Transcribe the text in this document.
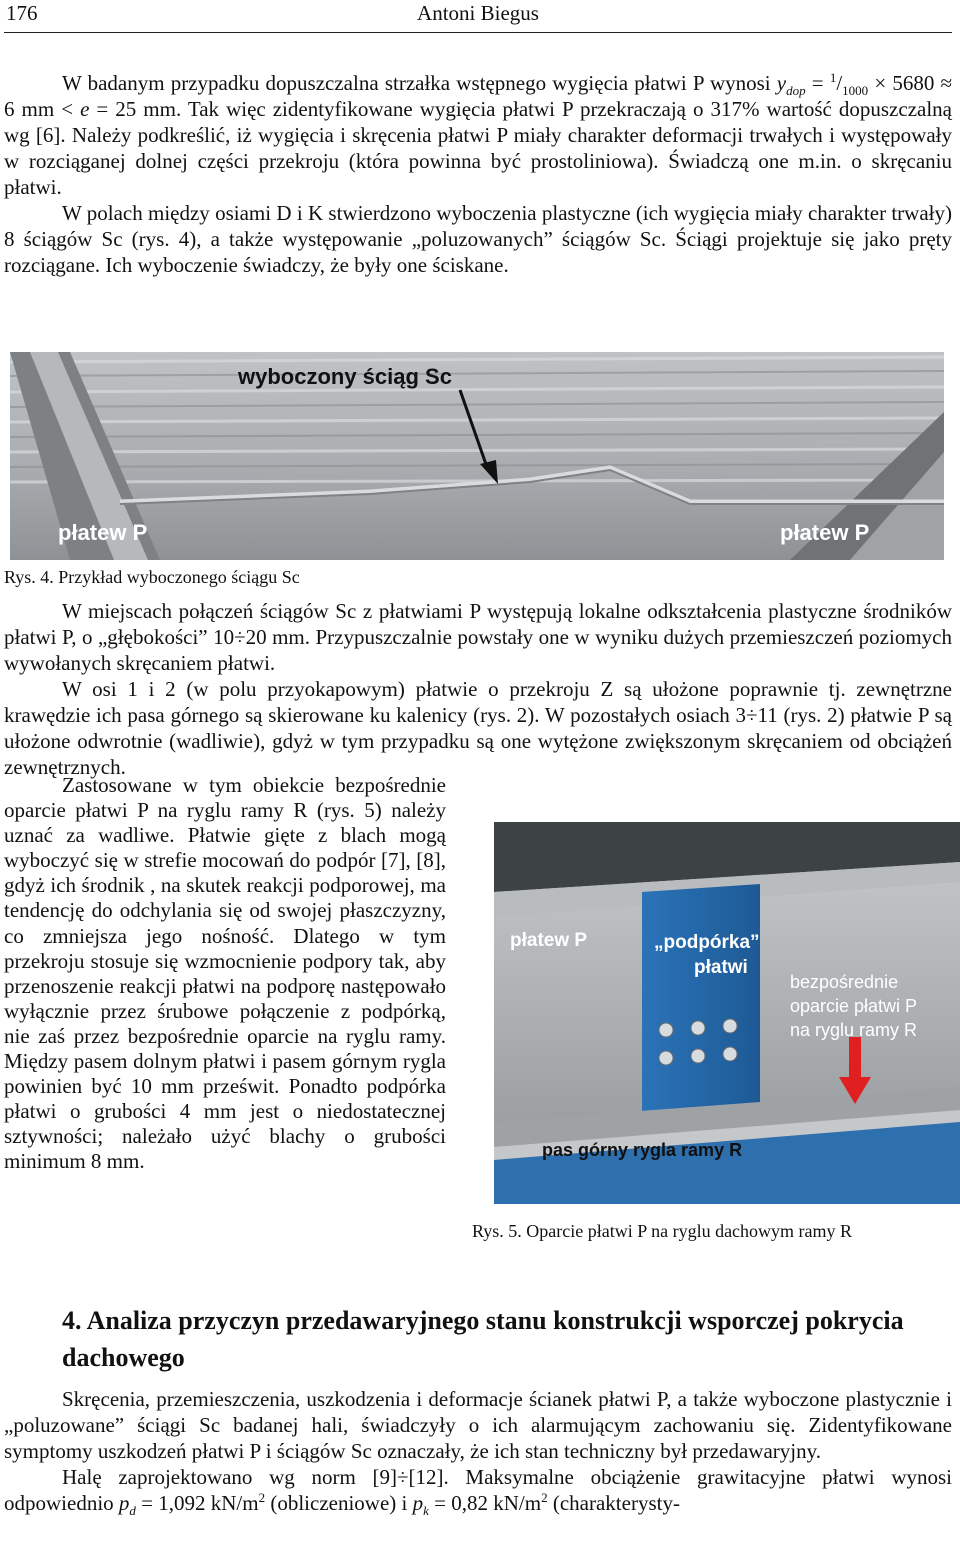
176	Antoni Biegus

W badanym przypadku dopuszczalna strzałka wstępnego wygięcia płatwi P wynosi $y_{dop} = ^1/_{1000} \times 5680 \approx 6$ mm < e = 25 mm. Tak więc zidentyfikowane wygięcia płatwi P przekraczają o 317% wartość dopuszczalną wg [6]. Należy podkreślić, iż wygięcia i skręcenia płatwi P miały charakter deformacji trwałych i występowały w rozciąganej dolnej części przekroju (która powinna być prostoliniowa). Świadczą one m.in. o skręcaniu płatwi.

W polach między osiami D i K stwierdzono wyboczenia plastyczne (ich wygięcia miały charakter trwały) 8 ściągów Sc (rys. 4), a także występowanie „poluzowanych” ściągów Sc. Ściągi projektuje się jako pręty rozciągane. Ich wyboczenie świadczy, że były one ściskane.

wyboczony ściąg Sc
płatew P	płatew P
Rys. 4. Przykład wyboczonego ściągu Sc

W miejscach połączeń ściągów Sc z płatwiami P występują lokalne odkształcenia plastyczne środników płatwi P, o „głębokości” 10÷20 mm. Przypuszczalnie powstały one w wyniku dużych przemieszczeń poziomych wywołanych skręcaniem płatwi.

W osi 1 i 2 (w polu przyokapowym) płatwie o przekroju Z są ułożone poprawnie tj. zewnętrzne krawędzie ich pasa górnego są skierowane ku kalenicy (rys. 2). W pozostałych osiach 3÷11 (rys. 2) płatwie P są ułożone odwrotnie (wadliwie), gdyż w tym przypadku są one wytężone zwiększonym skręcaniem od obciążeń zewnętrznych.

Zastosowane w tym obiekcie bezpośrednie oparcie płatwi P na ryglu ramy R (rys. 5) należy uznać za wadliwe. Płatwie gięte z blach mogą wyboczyć się w strefie mocowań do podpór [7], [8], gdyż ich środnik , na skutek reakcji podporowej, ma tendencję do odchylania się od swojej płaszczyzny, co zmniejsza jego nośność. Dlatego w tym przekroju stosuje się wzmocnienie podpory tak, aby przenoszenie reakcji płatwi na podporę następowało wyłącznie przez śrubowe połączenie z podpórką, nie zaś przez bezpośrednie oparcie na ryglu ramy. Między pasem dolnym płatwi i pasem górnym rygla powinien być 10 mm prześwit. Ponadto podpórka płatwi o grubości 4 mm jest o niedostatecznej sztywności; należało użyć blachy o grubości minimum 8 mm.

płatew P	„podpórka”
płatwi
bezpośrednie
oparcie płatwi P
na ryglu ramy R
pas górny rygla ramy R
Rys. 5. Oparcie płatwi P na ryglu dachowym ramy R
4. Analiza przyczyn przedawaryjnego stanu konstrukcji wsporczej pokrycia dachowego

Skręcenia, przemieszczenia, uszkodzenia i deformacje ścianek płatwi P, a także wyboczone plastycznie i „poluzowane” ściągi Sc badanej hali, świadczyły o ich alarmującym zachowaniu się. Zidentyfikowane symptomy uszkodzeń płatwi P i ściągów Sc oznaczały, że ich stan techniczny był przedawaryjny.

Halę zaprojektowano wg norm [9]÷[12]. Maksymalne obciążenie grawitacyjne płatwi wynosi odpowiednio $p_d = 1,092$ $kN/m^2$ (obliczeniowe) i $p_k = 0,82$ $kN/m^2$ (charakterysty-
